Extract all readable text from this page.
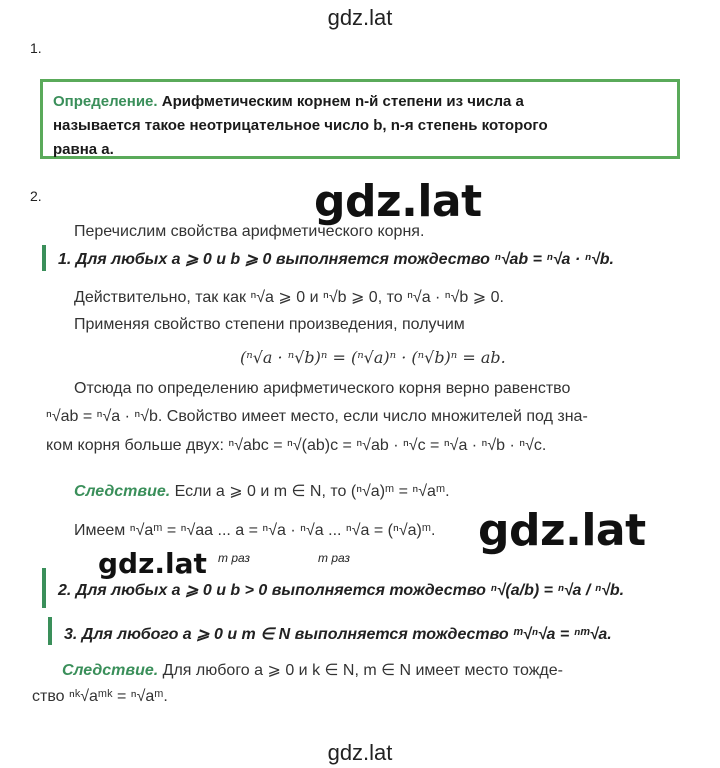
gdz.lat
1.
Определение. Арифметическим корнем n-й степени из числа a
называется такое неотрицательное число b, n-я степень которого
равна a.
2.	gdz.lat
Перечислим свойства арифметического корня.
1. Для любых a ⩾ 0 и b ⩾ 0 выполняется тождество ⁿ√ab = ⁿ√a · ⁿ√b.
Действительно, так как ⁿ√a ⩾ 0 и ⁿ√b ⩾ 0, то ⁿ√a · ⁿ√b ⩾ 0.
Применяя свойство степени произведения, получим
(ⁿ√a · ⁿ√b)ⁿ = (ⁿ√a)ⁿ · (ⁿ√b)ⁿ = ab.
Отсюда по определению арифметического корня верно равенство
ⁿ√ab = ⁿ√a · ⁿ√b. Свойство имеет место, если число множителей под зна-
ком корня больше двух: ⁿ√abc = ⁿ√(ab)c = ⁿ√ab · ⁿ√c = ⁿ√a · ⁿ√b · ⁿ√c.
Следствие. Если a ⩾ 0 и m ∈ N, то (ⁿ√a)ᵐ = ⁿ√aᵐ.
Имеем ⁿ√aᵐ = ⁿ√aa ... a = ⁿ√a · ⁿ√a ... ⁿ√a = (ⁿ√a)ᵐ.
m раз	m раз
gdz.lat
gdz.lat
2. Для любых a ⩾ 0 и b > 0 выполняется тождество ⁿ√(a/b) = ⁿ√a / ⁿ√b.
3. Для любого a ⩾ 0 и m ∈ N выполняется тождество ᵐ√ⁿ√a = ⁿᵐ√a.
Следствие. Для любого a ⩾ 0 и k ∈ N, m ∈ N имеет место тожде-
ство ⁿᵏ√aᵐᵏ = ⁿ√aᵐ.
gdz.lat
